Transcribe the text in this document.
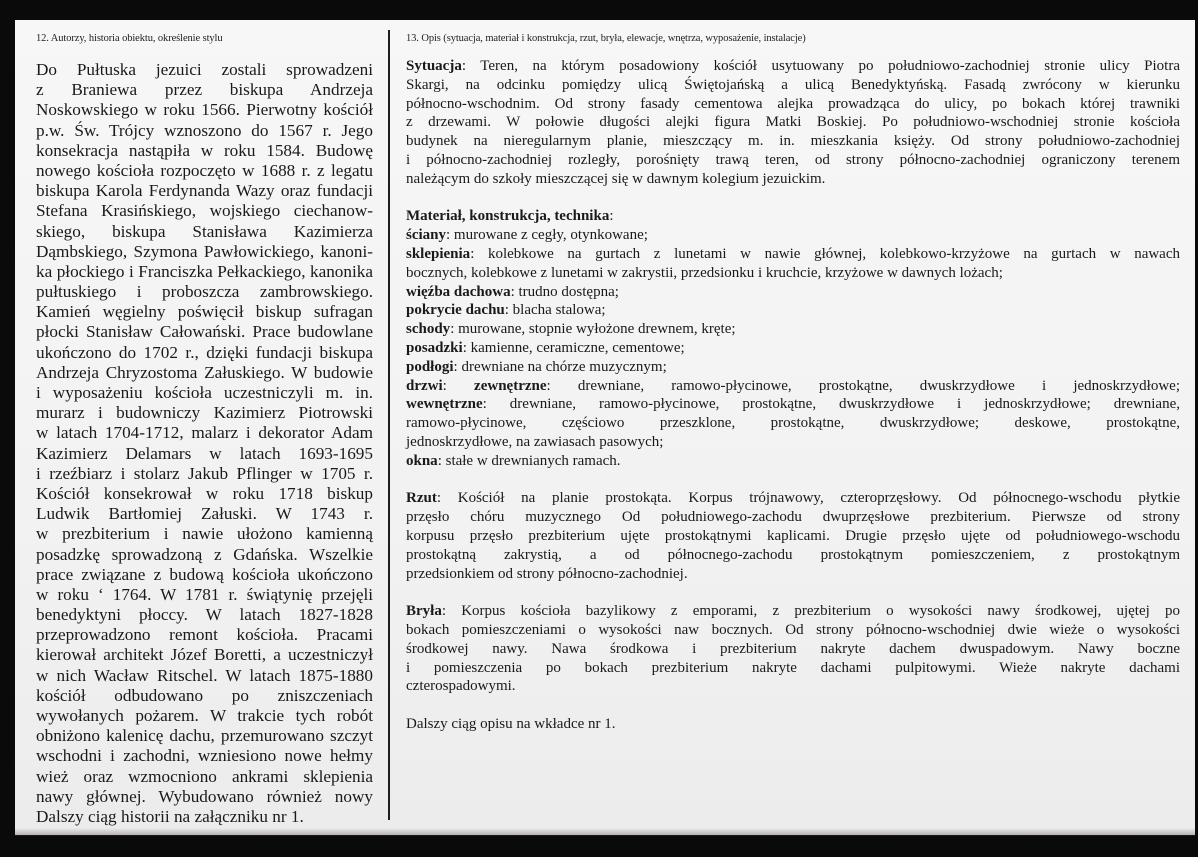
12. Autorzy, historia obiektu, określenie stylu
Do Pułtuska jezuici zostali sprowadzeni
z Braniewa przez biskupa Andrzeja
Noskowskiego w roku 1566. Pierwotny kościół
p.w. Św. Trójcy wznoszono do 1567 r. Jego
konsekracja nastąpiła w roku 1584. Budowę
nowego kościoła rozpoczęto w 1688 r. z legatu
biskupa Karola Ferdynanda Wazy oraz fundacji
Stefana Krasińskiego, wojskiego ciechanow-
skiego, biskupa Stanisława Kazimierza
Dąmbskiego, Szymona Pawłowickiego, kanoni-
ka płockiego i Franciszka Pełkackiego, kanonika
pułtuskiego i proboszcza zambrowskiego.
Kamień węgielny poświęcił biskup sufragan
płocki Stanisław Całowański. Prace budowlane
ukończono do 1702 r., dzięki fundacji biskupa
Andrzeja Chryzostoma Załuskiego. W budowie
i wyposażeniu kościoła uczestniczyli m. in.
murarz i budowniczy Kazimierz Piotrowski
w latach 1704-1712, malarz i dekorator Adam
Kazimierz Delamars w latach 1693-1695
i rzeźbiarz i stolarz Jakub Pflinger w 1705 r.
Kościół konsekrował w roku 1718 biskup
Ludwik Bartłomiej Załuski. W 1743 r.
w prezbiterium i nawie ułożono kamienną
posadzkę sprowadzoną z Gdańska. Wszelkie
prace związane z budową kościoła ukończono
w roku ‘ 1764. W 1781 r. świątynię przejęli
benedyktyni płoccy. W latach 1827-1828
przeprowadzono remont kościoła. Pracami
kierował architekt Józef Boretti, a uczestniczył
w nich Wacław Ritschel. W latach 1875-1880
kościół odbudowano po zniszczeniach
wywołanych pożarem. W trakcie tych robót
obniżono kalenicę dachu, przemurowano szczyt
wschodni i zachodni, wzniesiono nowe hełmy
wież oraz wzmocniono ankrami sklepienia
nawy głównej. Wybudowano również nowy
Dalszy ciąg historii na załączniku nr 1.
13. Opis (sytuacja, materiał i konstrukcja, rzut, bryła, elewacje, wnętrza, wyposażenie, instalacje)
Sytuacja: Teren, na którym posadowiony kościół usytuowany po południowo-zachodniej stronie ulicy Piotra
Skargi, na odcinku pomiędzy ulicą Świętojańską a ulicą Benedyktyńską. Fasadą zwrócony w kierunku
północno-wschodnim. Od strony fasady cementowa alejka prowadząca do ulicy, po bokach której trawniki
z drzewami. W połowie długości alejki figura Matki Boskiej. Po południowo-wschodniej stronie kościoła
budynek na nieregularnym planie, mieszczący m. in. mieszkania księży. Od strony południowo-zachodniej
i północno-zachodniej rozległy, porośnięty trawą teren, od strony północno-zachodniej ograniczony terenem
należącym do szkoły mieszczącej się w dawnym kolegium jezuickim.
Materiał, konstrukcja, technika:
ściany: murowane z cegły, otynkowane;
sklepienia: kolebkowe na gurtach z lunetami w nawie głównej, kolebkowo-krzyżowe na gurtach w nawach
bocznych, kolebkowe z lunetami w zakrystii, przedsionku i kruchcie, krzyżowe w dawnych lożach;
więźba dachowa: trudno dostępna;
pokrycie dachu: blacha stalowa;
schody: murowane, stopnie wyłożone drewnem, kręte;
posadzki: kamienne, ceramiczne, cementowe;
podłogi: drewniane na chórze muzycznym;
drzwi: zewnętrzne: drewniane, ramowo-płycinowe, prostokątne, dwuskrzydłowe i jednoskrzydłowe;
wewnętrzne: drewniane, ramowo-płycinowe, prostokątne, dwuskrzydłowe i jednoskrzydłowe; drewniane,
ramowo-płycinowe, częściowo przeszklone, prostokątne, dwuskrzydłowe; deskowe, prostokątne,
jednoskrzydłowe, na zawiasach pasowych;
okna: stałe w drewnianych ramach.
Rzut: Kościół na planie prostokąta. Korpus trójnawowy, czteroprzęsłowy. Od północnego-wschodu płytkie
przęsło chóru muzycznego Od południowego-zachodu dwuprzęsłowe prezbiterium. Pierwsze od strony
korpusu przęsło prezbiterium ujęte prostokątnymi kaplicami. Drugie przęsło ujęte od południowego-wschodu
prostokątną zakrystią, a od północnego-zachodu prostokątnym pomieszczeniem, z prostokątnym
przedsionkiem od strony północno-zachodniej.
Bryła: Korpus kościoła bazylikowy z emporami, z prezbiterium o wysokości nawy środkowej, ujętej po
bokach pomieszczeniami o wysokości naw bocznych. Od strony północno-wschodniej dwie wieże o wysokości
środkowej nawy. Nawa środkowa i prezbiterium nakryte dachem dwuspadowym. Nawy boczne
i pomieszczenia po bokach prezbiterium nakryte dachami pulpitowymi. Wieże nakryte dachami
czterospadowymi.
Dalszy ciąg opisu na wkładce nr 1.
